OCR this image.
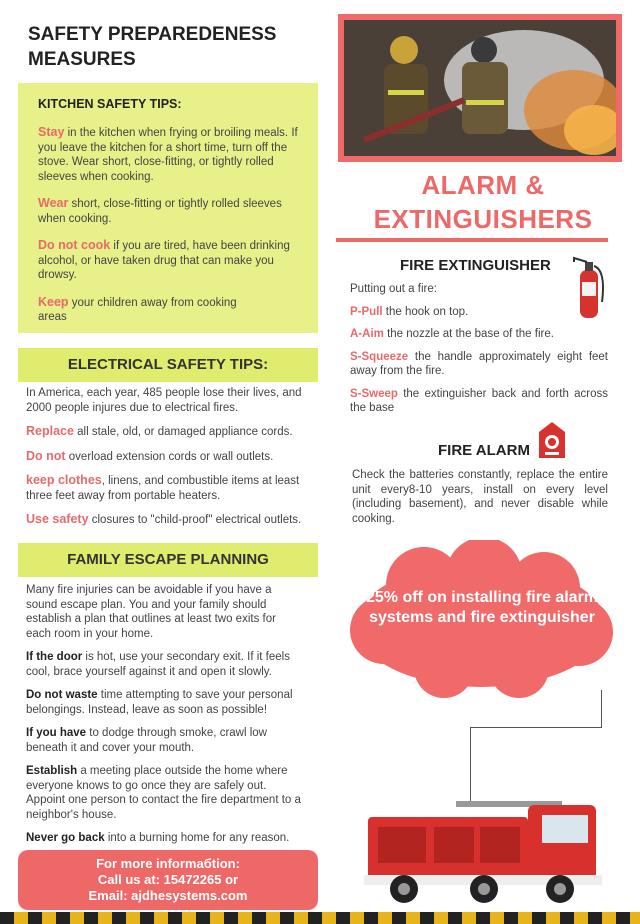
SAFETY PREPAREDENESS MEASURES
KITCHEN SAFETY TIPS:

Stay in the kitchen when frying or broiling meals. If you leave the kitchen for a short time, turn off the stove. Wear short, close-fitting, or tightly rolled sleeves when cooking.

Wear short, close-fitting or tightly rolled sleeves when cooking.

Do not cook if you are tired, have been drinking alcohol, or have taken drug that can make you drowsy.

Keep your children away from cooking areas

ELECTRICAL SAFETY TIPS:

In America, each year, 485 people lose their lives, and 2000 people injures due to electrical fires.

Replace all stale, old, or damaged appliance cords.

Do not overload extension cords or wall outlets.

keep clothes, linens, and combustible items at least three feet away from portable heaters.

Use safety closures to "child-proof" electrical outlets.

FAMILY ESCAPE PLANNING

Many fire injuries can be avoidable if you have a sound escape plan. You and your family should establish a plan that outlines at least two exits for each room in your home.

If the door is hot, use your secondary exit. If it feels cool, brace yourself against it and open it slowly.

Do not waste time attempting to save your personal belongings. Instead, leave as soon as possible!

If you have to dodge through smoke, crawl low beneath it and cover your mouth.

Establish a meeting place outside the home where everyone knows to go once they are safely out. Appoint one person to contact the fire department to a neighbor's house.

Never go back into a burning home for any reason.

For more informaбtion:
Call us at: 15472265 or
Email: ajdhesystems.com
ALARM &
EXTINGUISHERS
FIRE EXTINGUISHER

Putting out a fire:

P-Pull the hook on top.

A-Aim the nozzle at the base of the fire.

S-Squeeze the handle approximately eight feet away from the fire.

S-Sweep the extinguisher back and forth across the base

FIRE ALARM

Check the batteries constantly, replace the entire unit every8-10 years, install on every level (including basement), and never disable while cooking.

25% off on installing fire alarm systems and fire extinguisher
